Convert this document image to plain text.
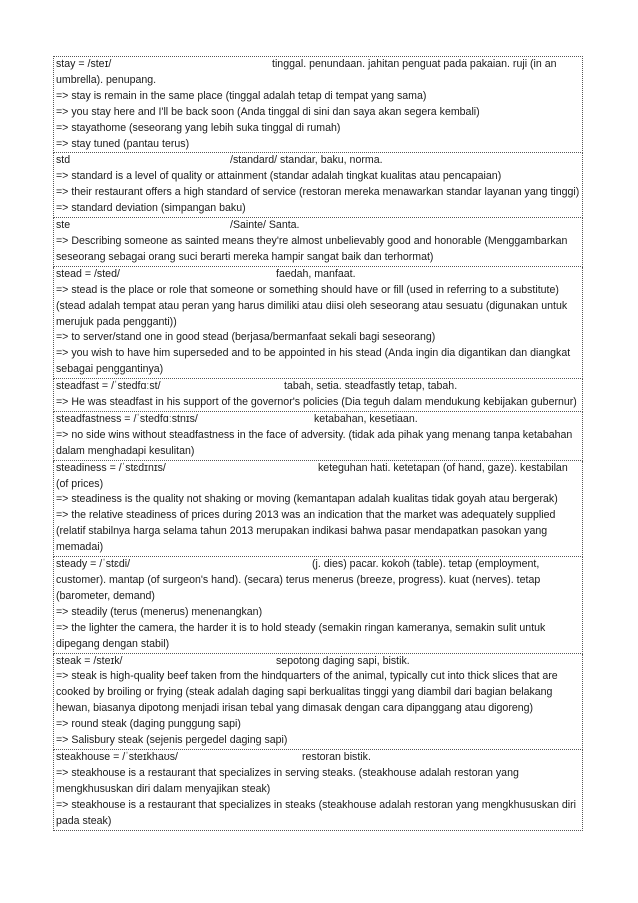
stay = /steɪ/	tinggal. penundaan. jahitan penguat pada pakaian. ruji (in an umbrella). penupang.
=> stay is remain in the same place (tinggal adalah tetap di tempat yang sama)
=> you stay here and I'll be back soon (Anda tinggal di sini dan saya akan segera kembali)
=> stayathome (seseorang yang lebih suka tinggal di rumah)
=> stay tuned (pantau terus)
std	/standard/ standar, baku, norma.
=> standard is a level of quality or attainment (standar adalah tingkat kualitas atau pencapaian)
=> their restaurant offers a high standard of service (restoran mereka menawarkan standar layanan yang tinggi)
=> standard deviation (simpangan baku)
ste	/Sainte/ Santa.
=> Describing someone as sainted means they're almost unbelievably good and honorable (Menggambarkan seseorang sebagai orang suci berarti mereka hampir sangat baik dan terhormat)
stead = /sted/	faedah, manfaat.
=> stead is the place or role that someone or something should have or fill (used in referring to a substitute) (stead adalah tempat atau peran yang harus dimiliki atau diisi oleh seseorang atau sesuatu (digunakan untuk merujuk pada pengganti))
=> to server/stand one in good stead (berjasa/bermanfaat sekali bagi seseorang)
=> you wish to have him superseded and to be appointed in his stead (Anda ingin dia digantikan dan diangkat sebagai penggantinya)
steadfast = /ˈstedfɑːst/	tabah, setia. steadfastly tetap, tabah.
=> He was steadfast in his support of the governor's policies (Dia teguh dalam mendukung kebijakan gubernur)
steadfastness = /ˈstedfɑːstnɪs/	ketabahan, kesetiaan.
=> no side wins without steadfastness in the face of adversity. (tidak ada pihak yang menang tanpa ketabahan dalam menghadapi kesulitan)
steadiness = /ˈstɛdɪnɪs/	keteguhan hati. ketetapan (of hand, gaze). kestabilan (of prices)
=> steadiness is the quality not shaking or moving (kemantapan adalah kualitas tidak goyah atau bergerak)
=> the relative steadiness of prices during 2013 was an indication that the market was adequately supplied (relatif stabilnya harga selama tahun 2013 merupakan indikasi bahwa pasar mendapatkan pasokan yang memadai)
steady = /ˈstɛdi/	(j. dies) pacar. kokoh (table). tetap (employment, customer). mantap (of surgeon's hand). (secara) terus menerus (breeze, progress). kuat (nerves). tetap (barometer, demand)
=> steadily (terus (menerus) menenangkan)
=> the lighter the camera, the harder it is to hold steady (semakin ringan kameranya, semakin sulit untuk dipegang dengan stabil)
steak = /steɪk/	sepotong daging sapi, bistik.
=> steak is high-quality beef taken from the hindquarters of the animal, typically cut into thick slices that are cooked by broiling or frying (steak adalah daging sapi berkualitas tinggi yang diambil dari bagian belakang hewan, biasanya dipotong menjadi irisan tebal yang dimasak dengan cara dipanggang atau digoreng)
=> round steak (daging punggung sapi)
=> Salisbury steak (sejenis pergedel daging sapi)
steakhouse = /ˈsteɪkhaʊs/	restoran bistik.
=> steakhouse is a restaurant that specializes in serving steaks. (steakhouse adalah restoran yang mengkhususkan diri dalam menyajikan steak)
=> steakhouse is a restaurant that specializes in steaks (steakhouse adalah restoran yang mengkhususkan diri pada steak)
